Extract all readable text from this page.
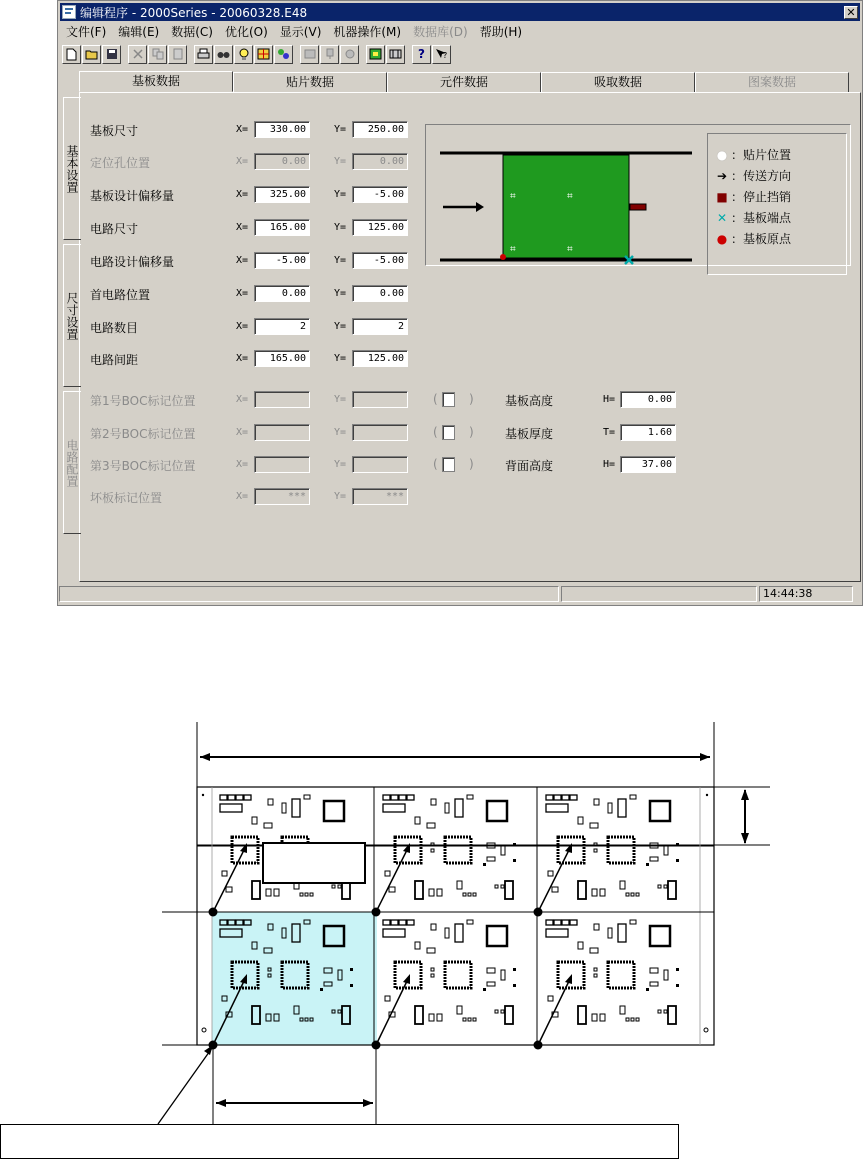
编辑程序 - 2000Series - 20060328.E48	✕
文件(F)	编辑(E)	数据(C)	优化(O)	显示(V)	机器操作(M)	数据库(D)	帮助(H)
? ?
基板数据	贴片数据	元件数据	吸取数据	图案数据
基本设置
尺寸设置
电路配置
基板尺寸	X=	330.00	Y=	250.00
定位孔位置	X=	0.00	Y=	0.00
基板设计偏移量	X=	325.00	Y=	-5.00
电路尺寸	X=	165.00	Y=	125.00
电路设计偏移量	X=	-5.00	Y=	-5.00
首电路位置	X=	0.00	Y=	0.00
电路数目	X=	2	Y=	2
电路间距	X=	165.00	Y=	125.00
第1号BOC标记位置	X=	Y=	(	)	基板高度	H=	0.00
第2号BOC标记位置	X=	Y=	(	)	基板厚度	T=	1.60
第3号BOC标记位置	X=	Y=	(	)	背面高度	H=	37.00
坏板标记位置	X=	***	Y=	***
⌗	⌗
⌗	⌗
● ：贴片位置
➔ ：传送方向
■ ：停止挡销
✕ ：基板端点
● ：基板原点
14:44:38
